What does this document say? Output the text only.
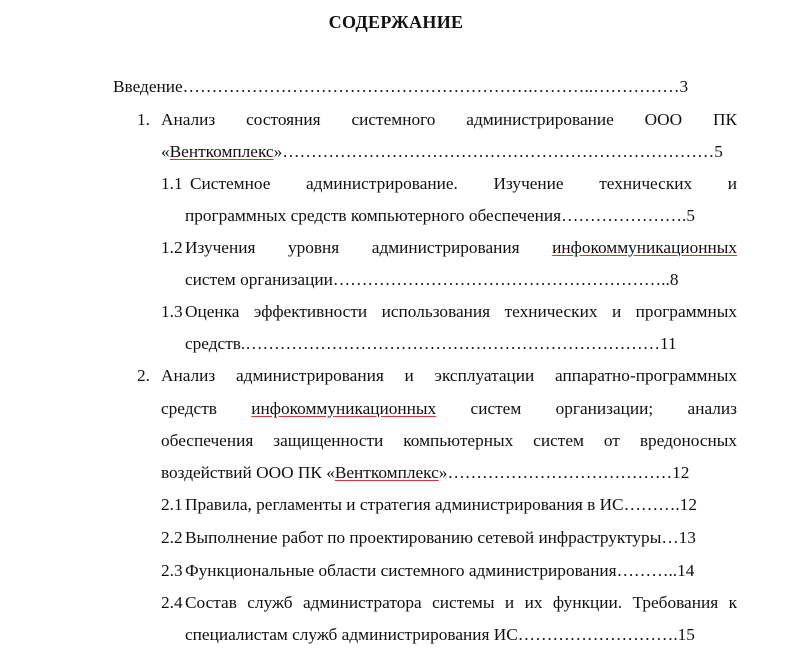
СОДЕРЖАНИЕ
Введение…………………………………………………….………..……………3
1. Анализ состояния системного администрирование ООО ПК
«Венткомплекс»…………………………………………………………………5
1.1 Системное администрирование. Изучение технических и
программных средств компьютерного обеспечения………………….5
1.2 Изучения уровня администрирования инфокоммуникационных
систем организации…………………………………………………..8
1.3 Оценка эффективности использования технических и программных
средств.………………………………………………………………11
2. Анализ администрирования и эксплуатации аппаратно-программных
средств инфокоммуникационных систем организации; анализ
обеспечения защищенности компьютерных систем от вредоносных
воздействий ООО ПК «Венткомплекс»…………………………………12
2.1 Правила, регламенты и стратегия администрирования в ИС……….12
2.2 Выполнение работ по проектированию сетевой инфраструктуры…13
2.3 Функциональные области системного администрирования………..14
2.4 Состав служб администратора системы и их функции. Требования к
специалистам служб администрирования ИС……………………….15
